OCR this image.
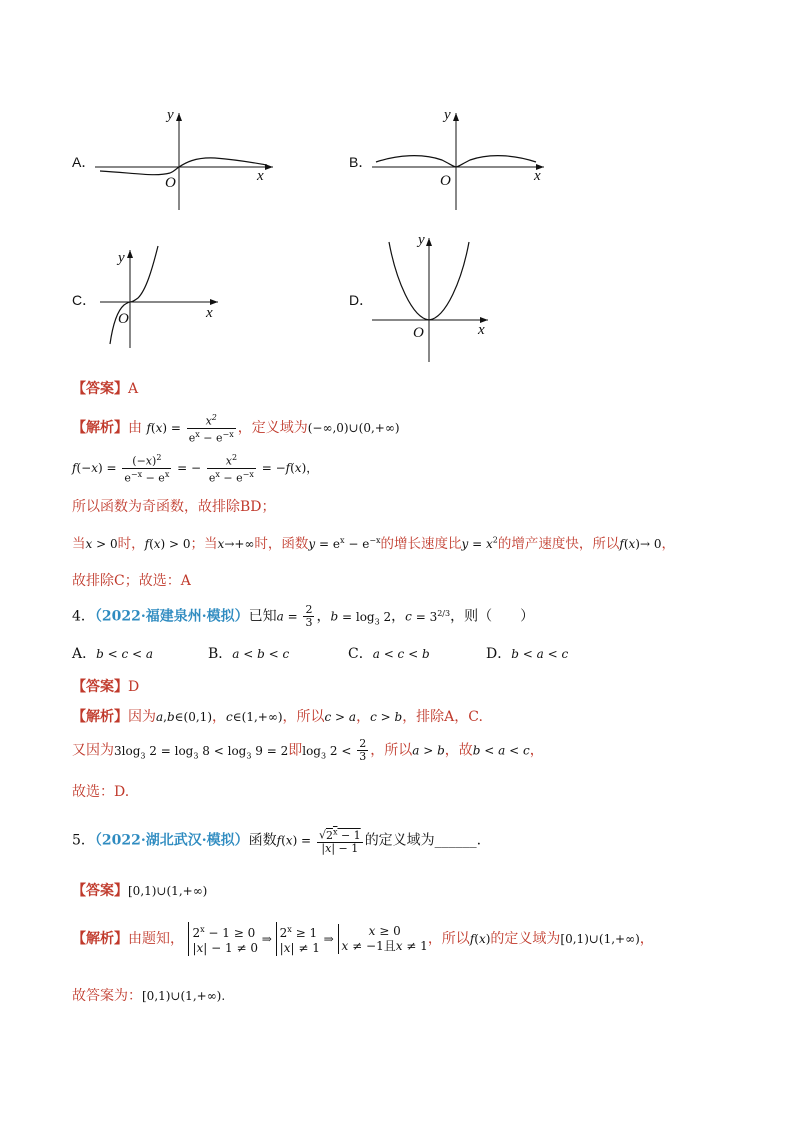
A．
y
x
O
B．
y
x
O
C．
y
x
O
D．
y
x
O
【答案】A
【解析】由 $f(x) = \frac{x^2}{e^x - e^{-x}}$ ，定义域为(−∞,0)∪(0,+∞)
$f(-x) = \frac{(-x)^2}{e^{-x} - e^x}$ = − $\frac{x^2}{e^x - e^{-x}} = -f(x)$，
所以函数为奇函数，故排除BD；
当x > 0时，f(x) > 0；当x→+∞时，函数$y = e^x - e^{-x}$的增长速度比$y = x^2$的增产速度快，所以f(x)→ 0，
故排除C；故选：A
4．（2022·福建泉州·模拟）已知$a = \frac{2}{3}$ ，$b = \log_3 2$，$c = 3^{2/3}$，则（　　）
A．b < c < a	B．a < b < c	C．a < c < b	D．b < a < c
【答案】D
【解析】因为a,b∈(0,1)，c∈(1,+∞)，所以c > a，c > b，排除A，C.
又因为$3\log_3$ $2 = \log_3 8 < \log_3 9 = 2$即$\log_3 2 < \frac{2}{3}$ ，所以a > b，故b < a < c，
故选：D.
5．（2022·湖北武汉·模拟）函数$f(x) = \frac{√2^x - 1}{|x| - 1}$ 的定义域为______.
【答案】[0,1)∪(1,+∞)
【解析】由题知， $2^x - 1 \ge 0$
|x| − 1 ≠ 0 ⇒ $2^x \ge 1$
|x| ≠ 1 ⇒ x ≥ 0
x ≠ −1且x ≠ 1，所以f(x)的定义域为[0,1)∪(1,+∞)，
故答案为：[0,1)∪(1,+∞).
